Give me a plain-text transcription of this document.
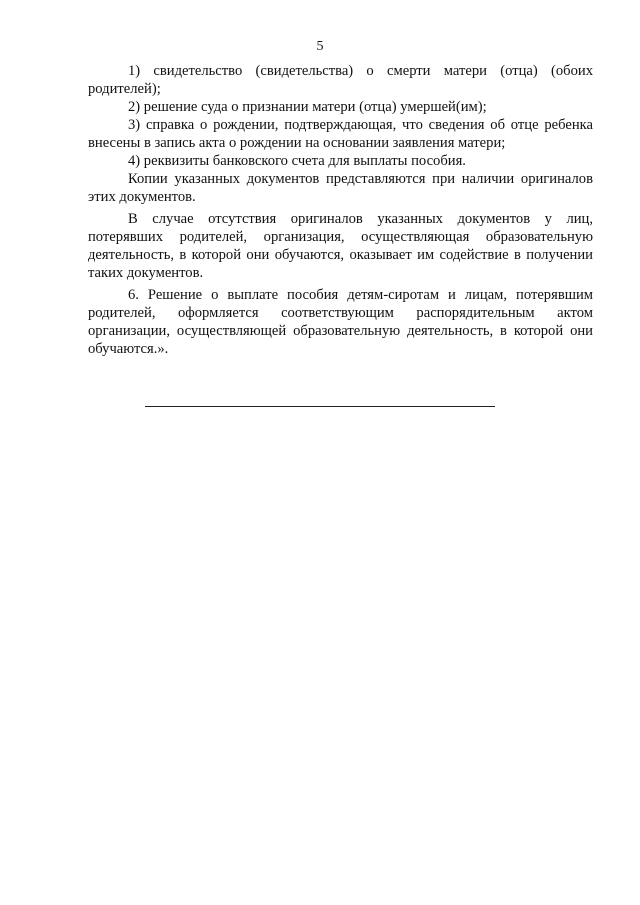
5

1) свидетельство (свидетельства) о смерти матери (отца) (обоих родителей);

2) решение суда о признании матери (отца) умершей(им);

3) справка о рождении, подтверждающая, что сведения об отце ребенка внесены в запись акта о рождении на основании заявления матери;

4) реквизиты банковского счета для выплаты пособия.

Копии указанных документов представляются при наличии оригиналов этих документов.

В случае отсутствия оригиналов указанных документов у лиц, потерявших родителей, организация, осуществляющая образовательную деятельность, в которой они обучаются, оказывает им содействие в получении таких документов.

6. Решение о выплате пособия детям-сиротам и лицам, потерявшим родителей, оформляется соответствующим распорядительным актом организации, осуществляющей образовательную деятельность, в которой они обучаются.».
